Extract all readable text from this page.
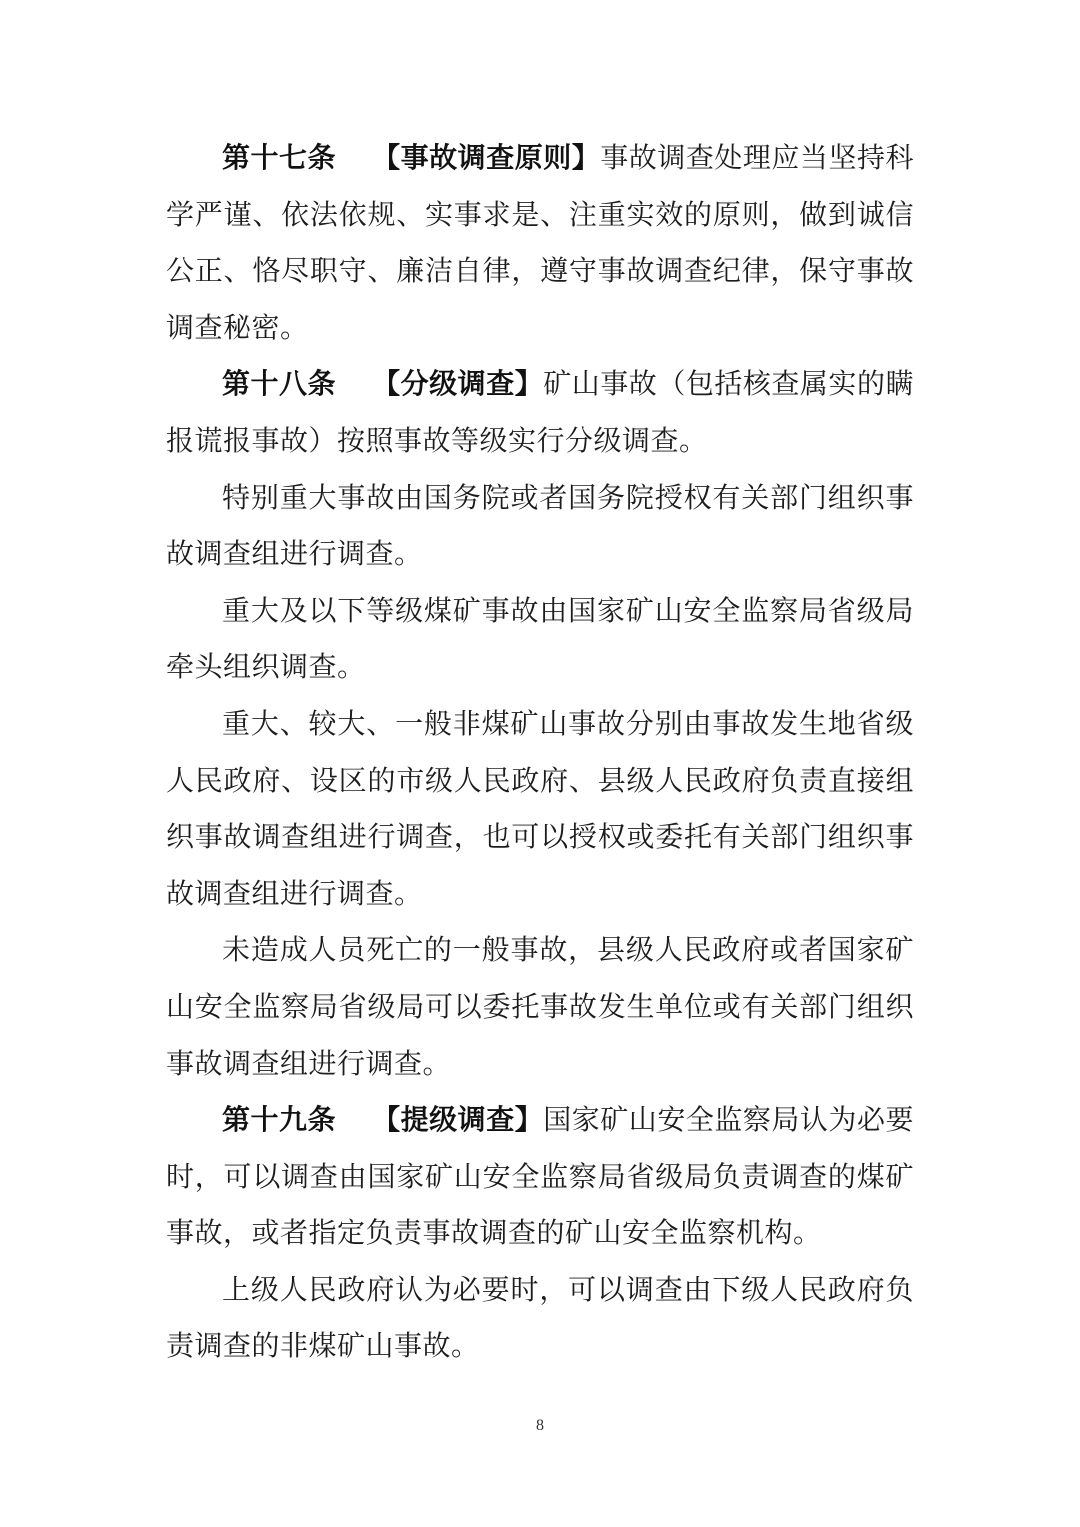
第十七条 【事故调查原则】事故调查处理应当坚持科学严谨、依法依规、实事求是、注重实效的原则，做到诚信公正、恪尽职守、廉洁自律，遵守事故调查纪律，保守事故调查秘密。

第十八条 【分级调查】矿山事故（包括核查属实的瞒报谎报事故）按照事故等级实行分级调查。

特别重大事故由国务院或者国务院授权有关部门组织事故调查组进行调查。

重大及以下等级煤矿事故由国家矿山安全监察局省级局牵头组织调查。

重大、较大、一般非煤矿山事故分别由事故发生地省级人民政府、设区的市级人民政府、县级人民政府负责直接组织事故调查组进行调查，也可以授权或委托有关部门组织事故调查组进行调查。

未造成人员死亡的一般事故，县级人民政府或者国家矿山安全监察局省级局可以委托事故发生单位或有关部门组织事故调查组进行调查。

第十九条 【提级调查】国家矿山安全监察局认为必要时，可以调查由国家矿山安全监察局省级局负责调查的煤矿事故，或者指定负责事故调查的矿山安全监察机构。

上级人民政府认为必要时，可以调查由下级人民政府负责调查的非煤矿山事故。

8
